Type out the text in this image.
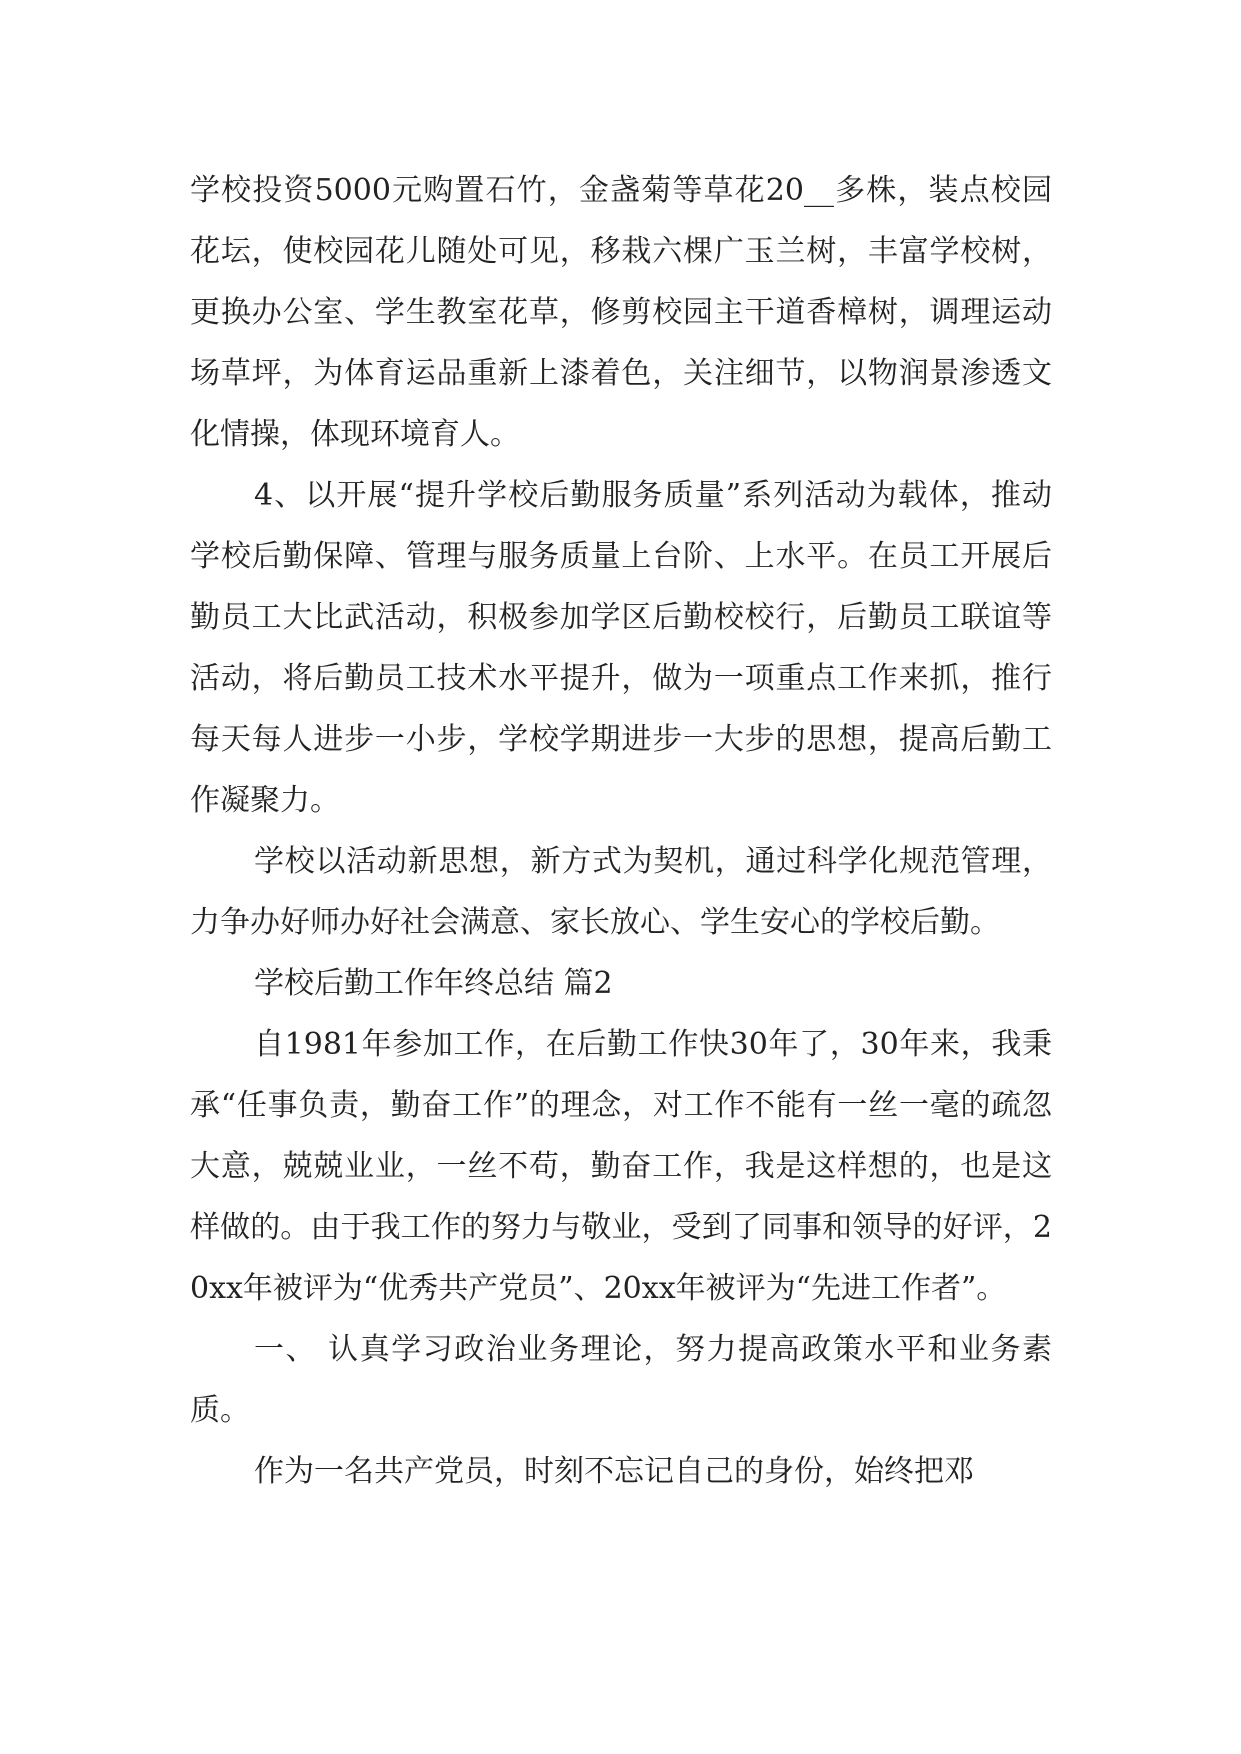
学校投资5000元购置石竹，金盏菊等草花20__多株，装点校园花坛，使校园花儿随处可见，移栽六棵广玉兰树，丰富学校树，更换办公室、学生教室花草，修剪校园主干道香樟树，调理运动场草坪，为体育运品重新上漆着色，关注细节，以物润景渗透文化情操，体现环境育人。

4、以开展“提升学校后勤服务质量”系列活动为载体，推动学校后勤保障、管理与服务质量上台阶、上水平。在员工开展后勤员工大比武活动，积极参加学区后勤校校行，后勤员工联谊等活动，将后勤员工技术水平提升，做为一项重点工作来抓，推行每天每人进步一小步，学校学期进步一大步的思想，提高后勤工作凝聚力。

学校以活动新思想，新方式为契机，通过科学化规范管理，力争办好师办好社会满意、家长放心、学生安心的学校后勤。

学校后勤工作年终总结 篇2

自1981年参加工作，在后勤工作快30年了，30年来，我秉承“任事负责，勤奋工作”的理念，对工作不能有一丝一毫的疏忽大意，兢兢业业，一丝不苟，勤奋工作，我是这样想的，也是这样做的。由于我工作的努力与敬业，受到了同事和领导的好评，20xx年被评为“优秀共产党员”、20xx年被评为“先进工作者”。

一、 认真学习政治业务理论，努力提高政策水平和业务素质。

作为一名共产党员，时刻不忘记自己的身份，始终把邓
